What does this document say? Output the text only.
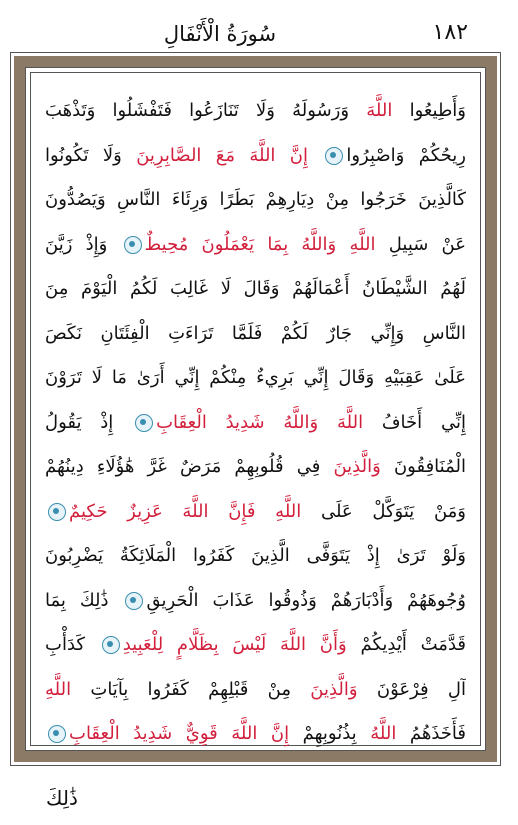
سُورَةُ الْأَنْفَالِ	١٨٢
وَأَطِيعُوا اللَّهَ وَرَسُولَهُ وَلَا تَنَازَعُوا فَتَفْشَلُوا وَتَذْهَبَ
رِيحُكُمْ وَاصْبِرُوا إِنَّ اللَّهَ مَعَ الصَّابِرِينَ وَلَا تَكُونُوا
كَالَّذِينَ خَرَجُوا مِنْ دِيَارِهِمْ بَطَرًا وَرِئَاءَ النَّاسِ وَيَصُدُّونَ
عَنْ سَبِيلِ اللَّهِ وَاللَّهُ بِمَا يَعْمَلُونَ مُحِيطٌ وَإِذْ زَيَّنَ
لَهُمُ الشَّيْطَانُ أَعْمَالَهُمْ وَقَالَ لَا غَالِبَ لَكُمُ الْيَوْمَ مِنَ
النَّاسِ وَإِنِّي جَارٌ لَكُمْ فَلَمَّا تَرَاءَتِ الْفِئَتَانِ نَكَصَ
عَلَىٰ عَقِبَيْهِ وَقَالَ إِنِّي بَرِيءٌ مِنْكُمْ إِنِّي أَرَىٰ مَا لَا تَرَوْنَ
إِنِّي أَخَافُ اللَّهَ وَاللَّهُ شَدِيدُ الْعِقَابِ إِذْ يَقُولُ
الْمُنَافِقُونَ وَالَّذِينَ فِي قُلُوبِهِمْ مَرَضٌ غَرَّ هَٰؤُلَاءِ دِينُهُمْ
وَمَنْ يَتَوَكَّلْ عَلَى اللَّهِ فَإِنَّ اللَّهَ عَزِيزٌ حَكِيمٌ
وَلَوْ تَرَىٰ إِذْ يَتَوَفَّى الَّذِينَ كَفَرُوا الْمَلَائِكَةُ يَضْرِبُونَ
وُجُوهَهُمْ وَأَدْبَارَهُمْ وَذُوقُوا عَذَابَ الْحَرِيقِ ذَٰلِكَ بِمَا
قَدَّمَتْ أَيْدِيكُمْ وَأَنَّ اللَّهَ لَيْسَ بِظَلَّامٍ لِلْعَبِيدِ كَدَأْبِ
آلِ فِرْعَوْنَ وَالَّذِينَ مِنْ قَبْلِهِمْ كَفَرُوا بِآيَاتِ اللَّهِ
فَأَخَذَهُمُ اللَّهُ بِذُنُوبِهِمْ إِنَّ اللَّهَ قَوِيٌّ شَدِيدُ الْعِقَابِ
ذَٰلِكَ
